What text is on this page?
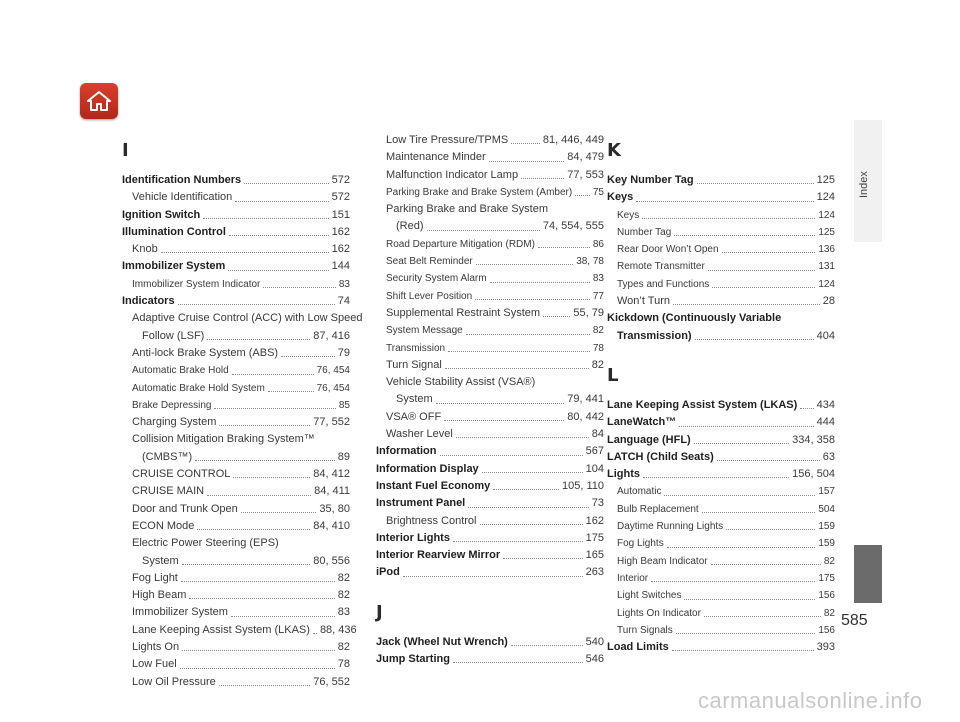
I
Identification Numbers	572
Vehicle Identification	572
Ignition Switch	151
Illumination Control	162
Knob	162
Immobilizer System	144
Immobilizer System Indicator	83
Indicators	74
Adaptive Cruise Control (ACC) with Low Speed
Follow (LSF)	87, 416
Anti-lock Brake System (ABS)	79
Automatic Brake Hold	76, 454
Automatic Brake Hold System	76, 454
Brake Depressing	85
Charging System	77, 552
Collision Mitigation Braking System™
(CMBS™)	89
CRUISE CONTROL	84, 412
CRUISE MAIN	84, 411
Door and Trunk Open	35, 80
ECON Mode	84, 410
Electric Power Steering (EPS)
System	80, 556
Fog Light	82
High Beam	82
Immobilizer System	83
Lane Keeping Assist System (LKAS) 88, 436
Lights On	82
Low Fuel	78
Low Oil Pressure	76, 552
Low Tire Pressure/TPMS	81, 446, 449
Maintenance Minder	84, 479
Malfunction Indicator Lamp	77, 553
Parking Brake and Brake System (Amber) 75
Parking Brake and Brake System
(Red)	74, 554, 555
Road Departure Mitigation (RDM)	86
Seat Belt Reminder	38, 78
Security System Alarm	83
Shift Lever Position	77
Supplemental Restraint System	55, 79
System Message	82
Transmission	78
Turn Signal	82
Vehicle Stability Assist (VSA®)
System	79, 441
VSA® OFF	80, 442
Washer Level	84
Information	567
Information Display	104
Instant Fuel Economy	105, 110
Instrument Panel	73
Brightness Control	162
Interior Lights	175
Interior Rearview Mirror	165
iPod	263
J
Jack (Wheel Nut Wrench)	540
Jump Starting	546
K
Key Number Tag	125
Keys	124
Keys	124
Number Tag	125
Rear Door Won’t Open	136
Remote Transmitter	131
Types and Functions	124
Won’t Turn	28
Kickdown (Continuously Variable
Transmission)	404
L
Lane Keeping Assist System (LKAS) 434
LaneWatch™	444
Language (HFL)	334, 358
LATCH (Child Seats)	63
Lights	156, 504
Automatic	157
Bulb Replacement	504
Daytime Running Lights	159
Fog Lights	159
High Beam Indicator	82
Interior	175
Light Switches	156
Lights On Indicator	82
Turn Signals	156
Load Limits	393
Index
585
carmanualsonline.info
